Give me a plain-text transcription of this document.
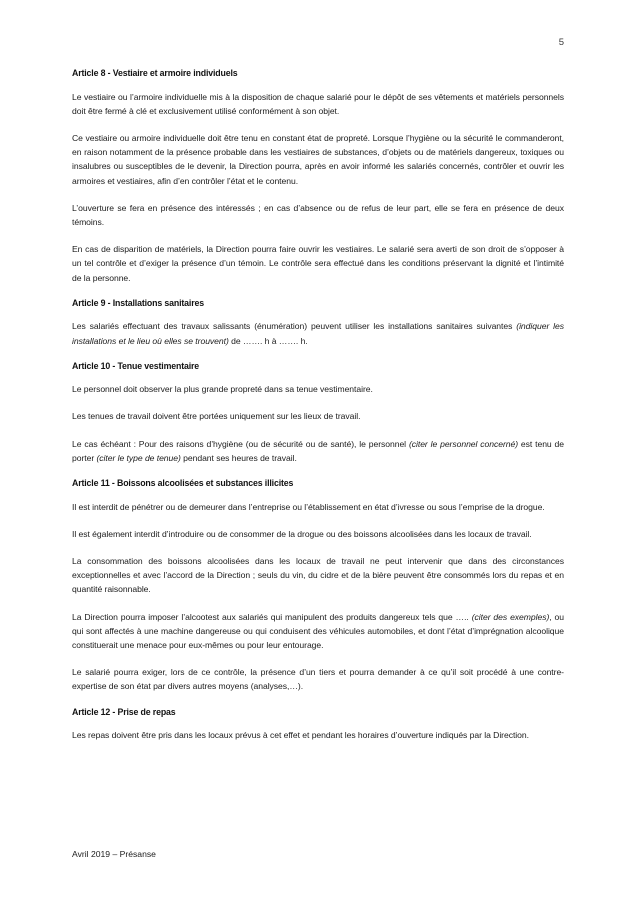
5
Article 8 - Vestiaire et armoire individuels

Le vestiaire ou l’armoire individuelle mis à la disposition de chaque salarié pour le dépôt de ses vêtements et matériels personnels doit être fermé à clé et exclusivement utilisé conformément à son objet.

Ce vestiaire ou armoire individuelle doit être tenu en constant état de propreté. Lorsque l’hygiène ou la sécurité le commanderont, en raison notamment de la présence probable dans les vestiaires de substances, d’objets ou de matériels dangereux, toxiques ou insalubres ou susceptibles de le devenir, la Direction pourra, après en avoir informé les salariés concernés, contrôler et ouvrir les armoires et vestiaires, afin d’en contrôler l’état et le contenu.

L’ouverture se fera en présence des intéressés ; en cas d’absence ou de refus de leur part, elle se fera en présence de deux témoins.

En cas de disparition de matériels, la Direction pourra faire ouvrir les vestiaires. Le salarié sera averti de son droit de s’opposer à un tel contrôle et d’exiger la présence d’un témoin. Le contrôle sera effectué dans les conditions préservant la dignité et l’intimité de la personne.

Article 9 - Installations sanitaires

Les salariés effectuant des travaux salissants (énumération) peuvent utiliser les installations sanitaires suivantes (indiquer les installations et le lieu où elles se trouvent) de ……. h à ……. h.

Article 10 - Tenue vestimentaire

Le personnel doit observer la plus grande propreté dans sa tenue vestimentaire.

Les tenues de travail doivent être portées uniquement sur les lieux de travail.

Le cas échéant : Pour des raisons d’hygiène (ou de sécurité ou de santé), le personnel (citer le personnel concerné) est tenu de porter (citer le type de tenue) pendant ses heures de travail.

Article 11 - Boissons alcoolisées et substances illicites

Il est interdit de pénétrer ou de demeurer dans l’entreprise ou l’établissement en état d’ivresse ou sous l’emprise de la drogue.

Il est également interdit d’introduire ou de consommer de la drogue ou des boissons alcoolisées dans les locaux de travail.

La consommation des boissons alcoolisées dans les locaux de travail ne peut intervenir que dans des circonstances exceptionnelles et avec l’accord de la Direction ; seuls du vin, du cidre et de la bière peuvent être consommés lors du repas et en quantité raisonnable.

La Direction pourra imposer l’alcootest aux salariés qui manipulent des produits dangereux tels que ….. (citer des exemples), ou qui sont affectés à une machine dangereuse ou qui conduisent des véhicules automobiles, et dont l’état d’imprégnation alcoolique constituerait une menace pour eux-mêmes ou pour leur entourage.

Le salarié pourra exiger, lors de ce contrôle, la présence d’un tiers et pourra demander à ce qu’il soit procédé à une contre-expertise de son état par divers autres moyens (analyses,…).

Article 12 - Prise de repas

Les repas doivent être pris dans les locaux prévus à cet effet et pendant les horaires d’ouverture indiqués par la Direction.

Avril 2019 – Présanse
